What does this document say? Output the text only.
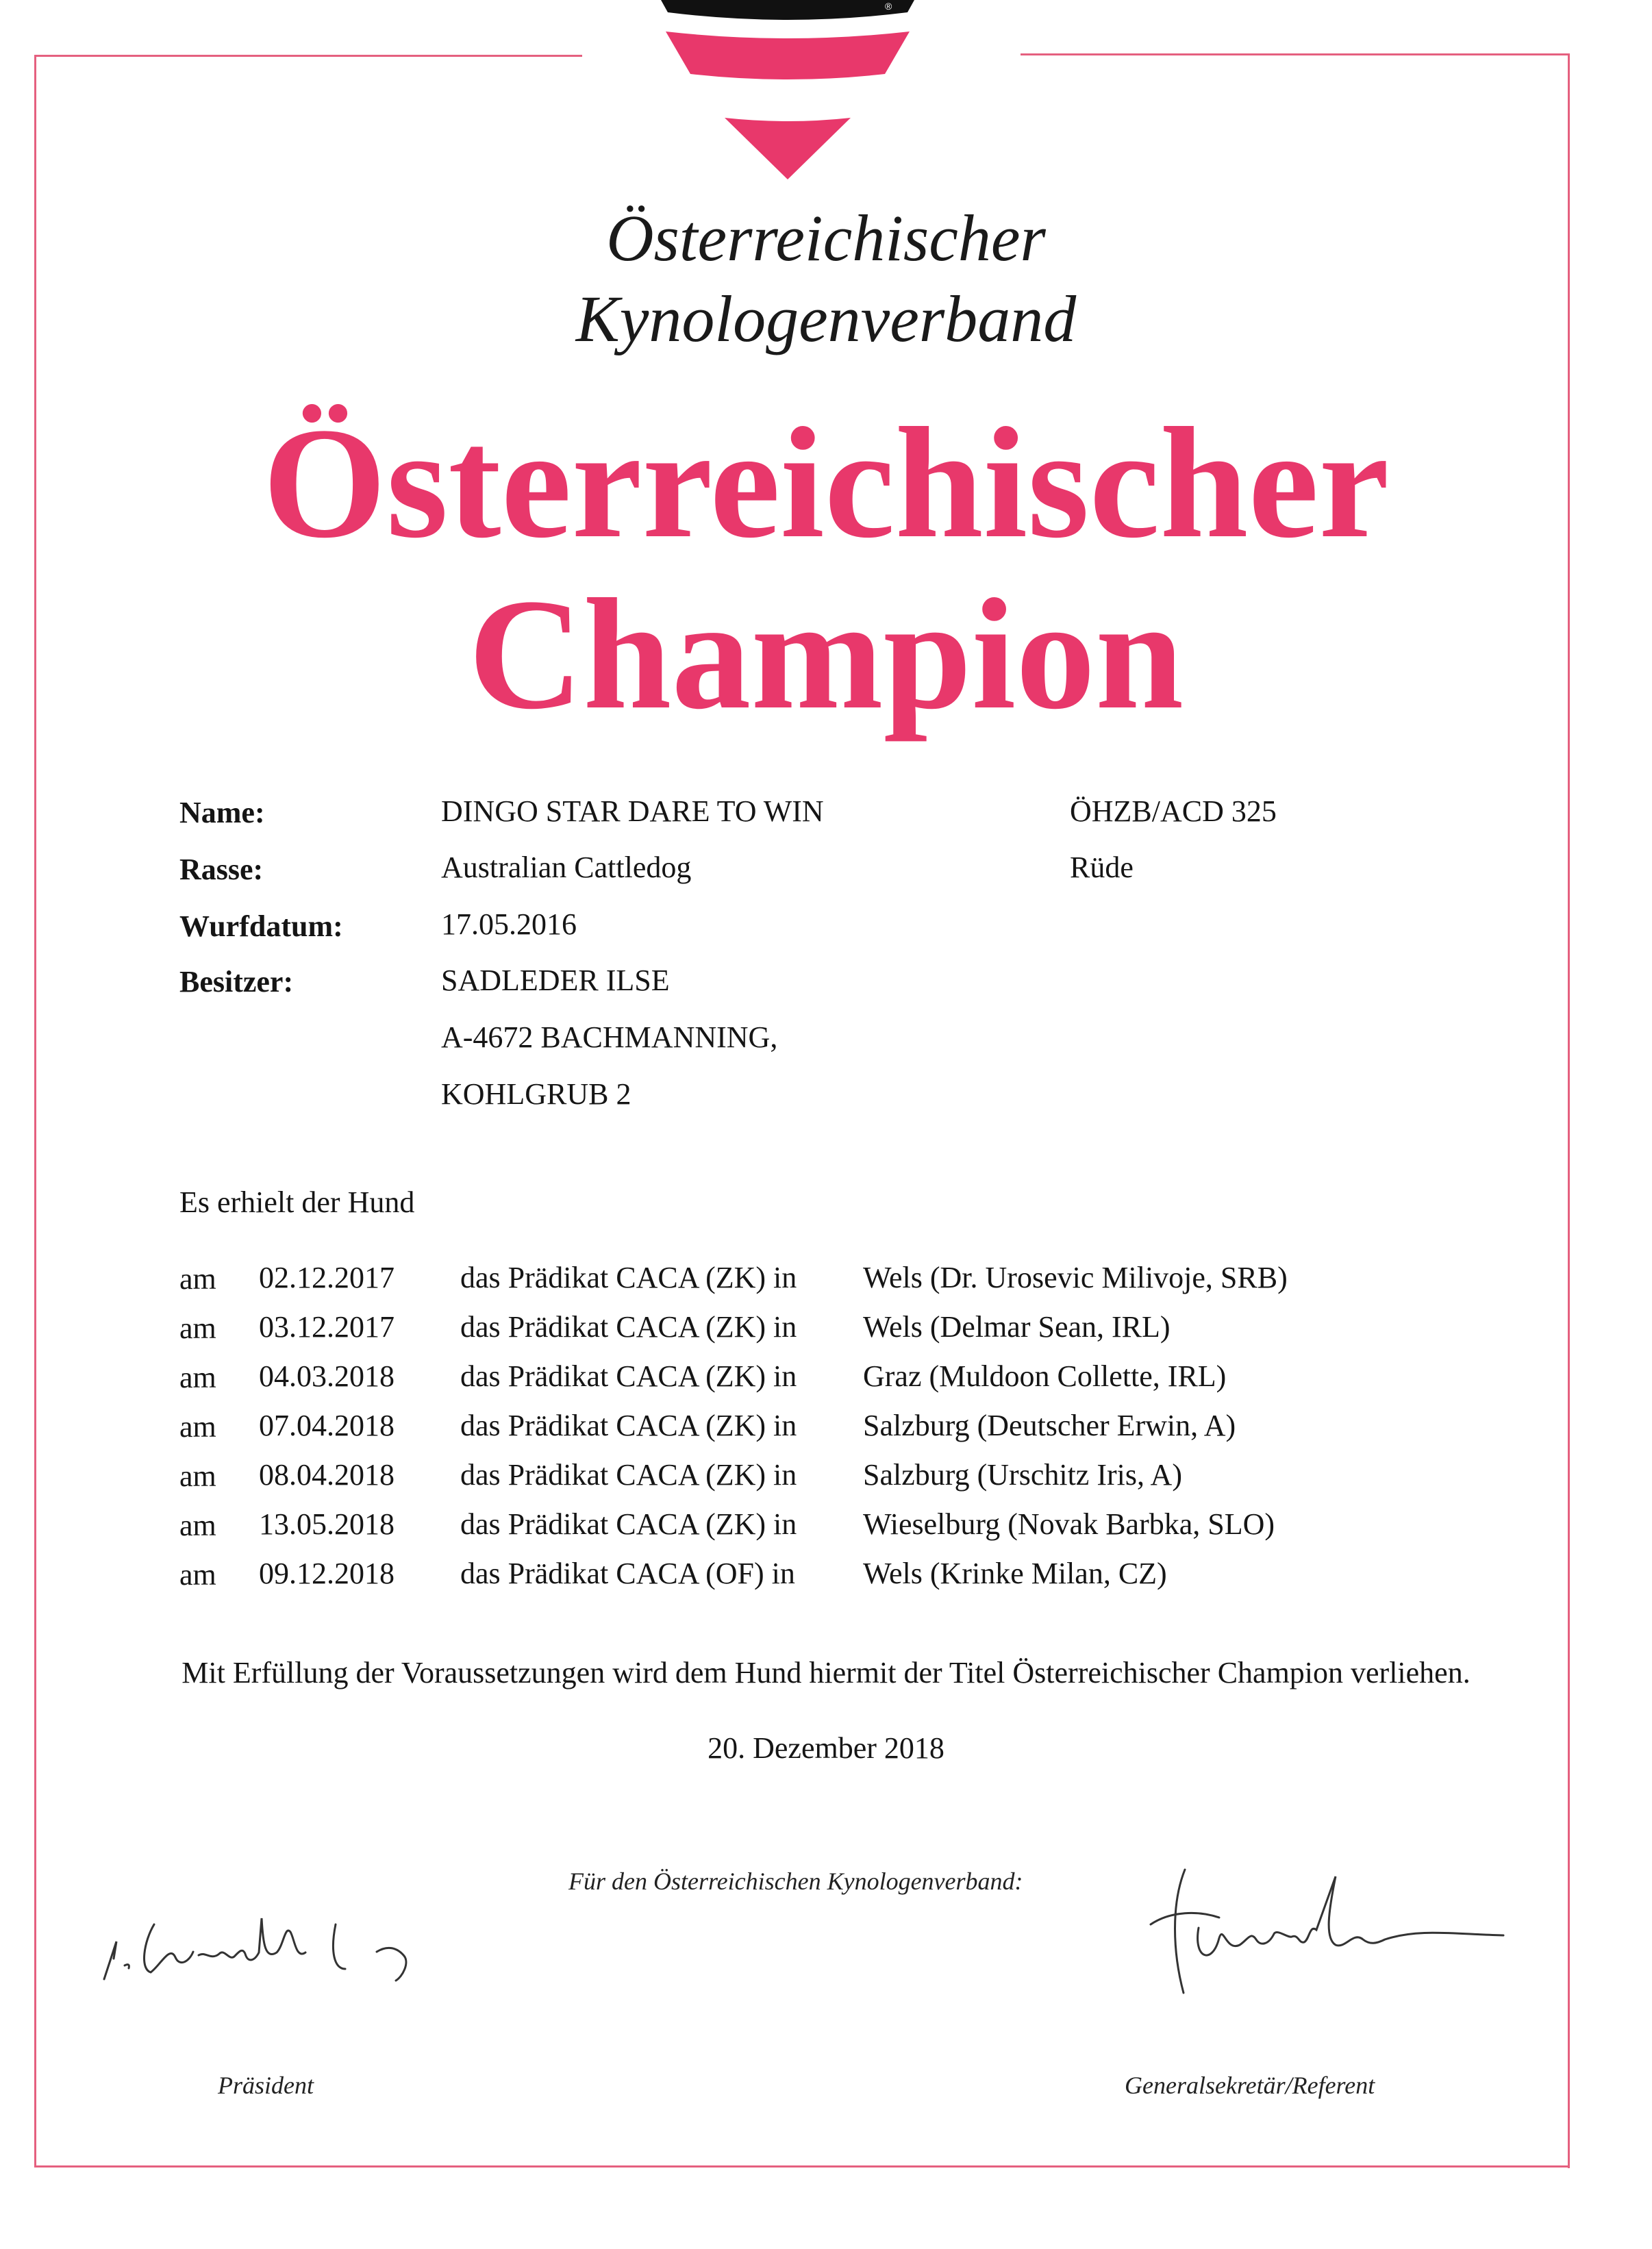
®
Österreichischer
Kynologenverband
Österreichischer
Champion
Name:	DINGO STAR DARE TO WIN	ÖHZB/ACD 325
Rasse:	Australian Cattledog	Rüde
Wurfdatum:	17.05.2016
Besitzer:	SADLEDER ILSE
A-4672 BACHMANNING,
KOHLGRUB 2
Es erhielt der Hund
am 02.12.2017 das Prädikat CACA (ZK) in Wels (Dr. Urosevic Milivoje, SRB)
am 03.12.2017 das Prädikat CACA (ZK) in Wels (Delmar Sean, IRL)
am 04.03.2018 das Prädikat CACA (ZK) in Graz (Muldoon Collette, IRL)
am 07.04.2018 das Prädikat CACA (ZK) in Salzburg (Deutscher Erwin, A)
am 08.04.2018 das Prädikat CACA (ZK) in Salzburg (Urschitz Iris, A)
am 13.05.2018 das Prädikat CACA (ZK) in Wieselburg (Novak Barbka, SLO)
am 09.12.2018 das Prädikat CACA (OF) in Wels (Krinke Milan, CZ)
Mit Erfüllung der Voraussetzungen wird dem Hund hiermit der Titel Österreichischer Champion verliehen.
20. Dezember 2018
Für den Österreichischen Kynologenverband:
Präsident	Generalsekretär/Referent
